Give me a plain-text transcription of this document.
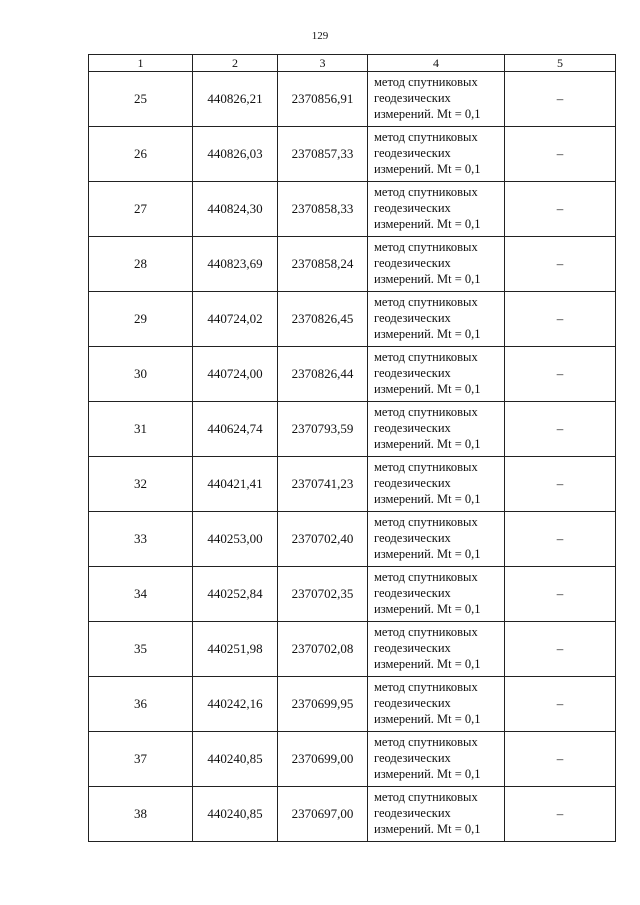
129
1	2	3	4	5
25	440826,21	2370856,91	метод спутниковых
геодезических
измерений. Mt = 0,1	–
26	440826,03	2370857,33	метод спутниковых
геодезических
измерений. Mt = 0,1	–
27	440824,30	2370858,33	метод спутниковых
геодезических
измерений. Mt = 0,1	–
28	440823,69	2370858,24	метод спутниковых
геодезических
измерений. Mt = 0,1	–
29	440724,02	2370826,45	метод спутниковых
геодезических
измерений. Mt = 0,1	–
30	440724,00	2370826,44	метод спутниковых
геодезических
измерений. Mt = 0,1	–
31	440624,74	2370793,59	метод спутниковых
геодезических
измерений. Mt = 0,1	–
32	440421,41	2370741,23	метод спутниковых
геодезических
измерений. Mt = 0,1	–
33	440253,00	2370702,40	метод спутниковых
геодезических
измерений. Mt = 0,1	–
34	440252,84	2370702,35	метод спутниковых
геодезических
измерений. Mt = 0,1	–
35	440251,98	2370702,08	метод спутниковых
геодезических
измерений. Mt = 0,1	–
36	440242,16	2370699,95	метод спутниковых
геодезических
измерений. Mt = 0,1	–
37	440240,85	2370699,00	метод спутниковых
геодезических
измерений. Mt = 0,1	–
38	440240,85	2370697,00	метод спутниковых
геодезических
измерений. Mt = 0,1	–
